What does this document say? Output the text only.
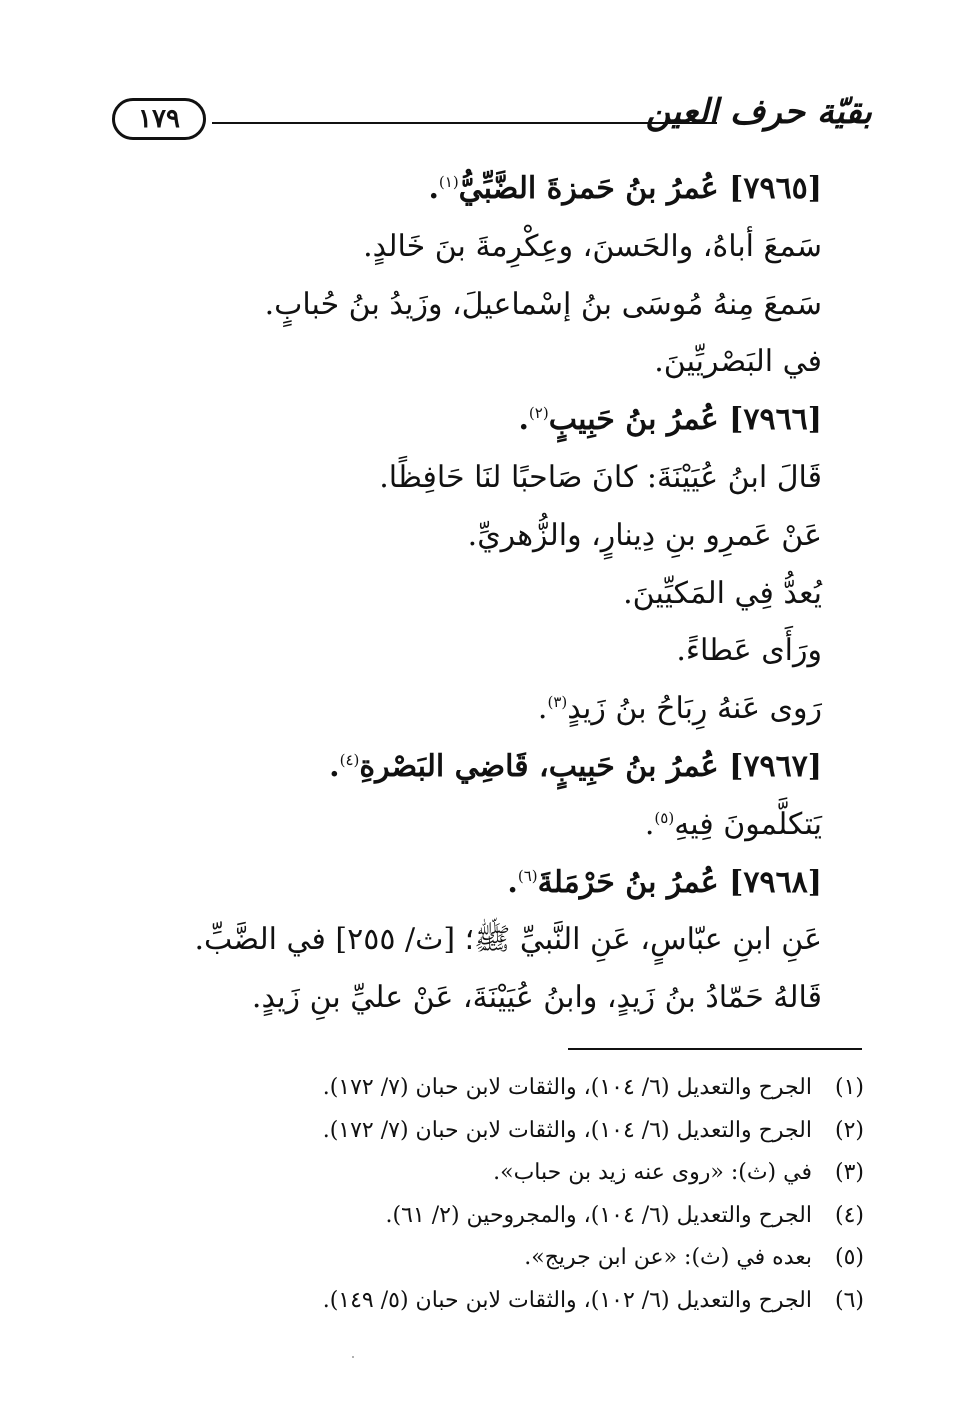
١٧٩	بقيّة حرف العين
[٧٩٦٥] عُمرُ بنُ حَمزةَ الضَّبِّيُّ$^{(١)}$.
سَمعَ أباهُ، والحَسنَ، وعِكْرِمةَ بنَ خَالدٍ.
سَمعَ مِنهُ مُوسَى بنُ إسْماعيلَ، وزَيدُ بنُ حُبابٍ.
في البَصْريِّينَ.
[٧٩٦٦] عُمرُ بنُ حَبِيبٍ$^{(٢)}$.
قَالَ ابنُ عُيَيْنَةَ: كانَ صَاحبًا لنَا حَافِظًا.
عَنْ عَمرِو بنِ دِينارٍ، والزُّهريِّ.
يُعدُّ فِي المَكيِّينَ.
ورَأَى عَطاءً.
رَوى عَنهُ رِبَاحُ بنُ زَيدٍ$^{(٣)}$.
[٧٩٦٧] عُمرُ بنُ حَبِيبٍ، قَاضِي البَصْرةِ$^{(٤)}$.
يَتكلَّمونَ فِيهِ$^{(٥)}$.
[٧٩٦٨] عُمرُ بنُ حَرْمَلةَ$^{(٦)}$.
عَنِ ابنِ عبّاسٍ، عَنِ النَّبيِّ ﷺ؛ [ث/ ٢٥٥] في الضَّبِّ.
قَالهُ حَمّادُ بنُ زَيدٍ، وابنُ عُيَيْنَةَ، عَنْ عليِّ بنِ زَيدٍ.
(١)الجرح والتعديل (٦/ ١٠٤)، والثقات لابن حبان (٧/ ١٧٢).
(٢)الجرح والتعديل (٦/ ١٠٤)، والثقات لابن حبان (٧/ ١٧٢).
(٣)في (ث): «روى عنه زيد بن حباب».
(٤)الجرح والتعديل (٦/ ١٠٤)، والمجروحين (٢/ ٦١).
(٥)بعده في (ث): «عن ابن جريج».
(٦)الجرح والتعديل (٦/ ١٠٢)، والثقات لابن حبان (٥/ ١٤٩).
